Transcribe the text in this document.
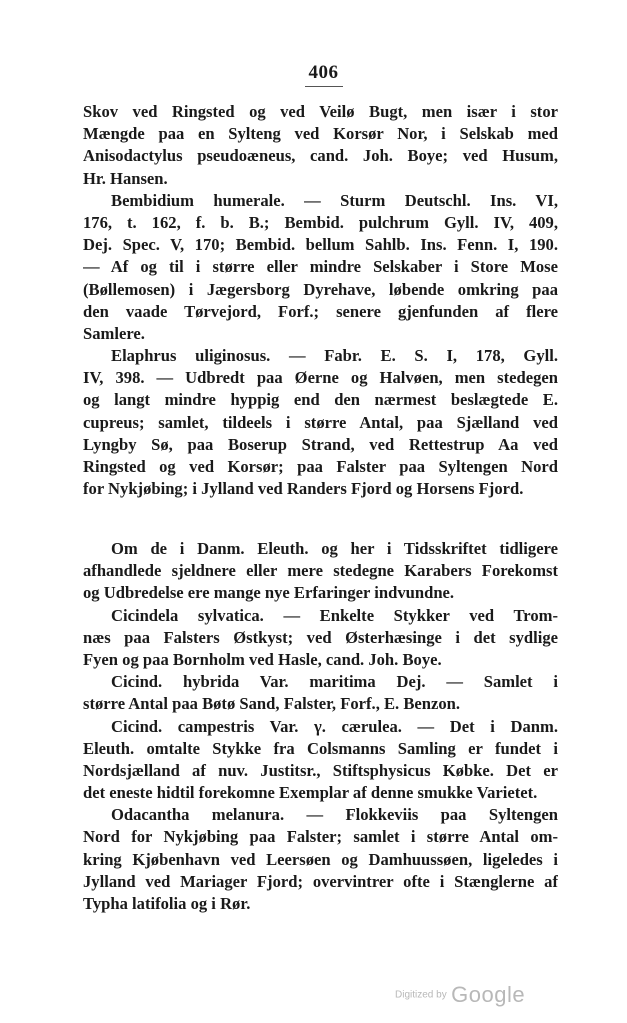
406
Skov ved Ringsted og ved Veilø Bugt, men især i stor
Mængde paa en Sylteng ved Korsør Nor, i Selskab med
Anisodactylus pseudoæneus, cand. Joh. Boye; ved Husum,
Hr. Hansen.
Bembidium humerale. — Sturm Deutschl. Ins. VI,
176, t. 162, f. b. B.; Bembid. pulchrum Gyll. IV, 409,
Dej. Spec. V, 170; Bembid. bellum Sahlb. Ins. Fenn. I, 190.
— Af og til i større eller mindre Selskaber i Store Mose
(Bøllemosen) i Jægersborg Dyrehave, løbende omkring paa
den vaade Tørvejord, Forf.; senere gjenfunden af flere
Samlere.
Elaphrus uliginosus. — Fabr. E. S. I, 178, Gyll.
IV, 398. — Udbredt paa Øerne og Halvøen, men stedegen
og langt mindre hyppig end den nærmest beslægtede E.
cupreus; samlet, tildeels i større Antal, paa Sjælland ved
Lyngby Sø, paa Boserup Strand, ved Rettestrup Aa ved
Ringsted og ved Korsør; paa Falster paa Syltengen Nord
for Nykjøbing; i Jylland ved Randers Fjord og Horsens Fjord.
Om de i Danm. Eleuth. og her i Tidsskriftet tidligere
afhandlede sjeldnere eller mere stedegne Karabers Forekomst
og Udbredelse ere mange nye Erfaringer indvundne.
Cicindela sylvatica. — Enkelte Stykker ved Trom-
næs paa Falsters Østkyst; ved Østerhæsinge i det sydlige
Fyen og paa Bornholm ved Hasle, cand. Joh. Boye.
Cicind. hybrida Var. maritima Dej. — Samlet i
større Antal paa Bøtø Sand, Falster, Forf., E. Benzon.
Cicind. campestris Var. γ. cærulea. — Det i Danm.
Eleuth. omtalte Stykke fra Colsmanns Samling er fundet i
Nordsjælland af nuv. Justitsr., Stiftsphysicus Købke. Det er
det eneste hidtil forekomne Exemplar af denne smukke Varietet.
Odacantha melanura. — Flokkeviis paa Syltengen
Nord for Nykjøbing paa Falster; samlet i større Antal om-
kring Kjøbenhavn ved Leersøen og Damhuussøen, ligeledes i
Jylland ved Mariager Fjord; overvintrer ofte i Stænglerne af
Typha latifolia og i Rør.
Digitized by Google
